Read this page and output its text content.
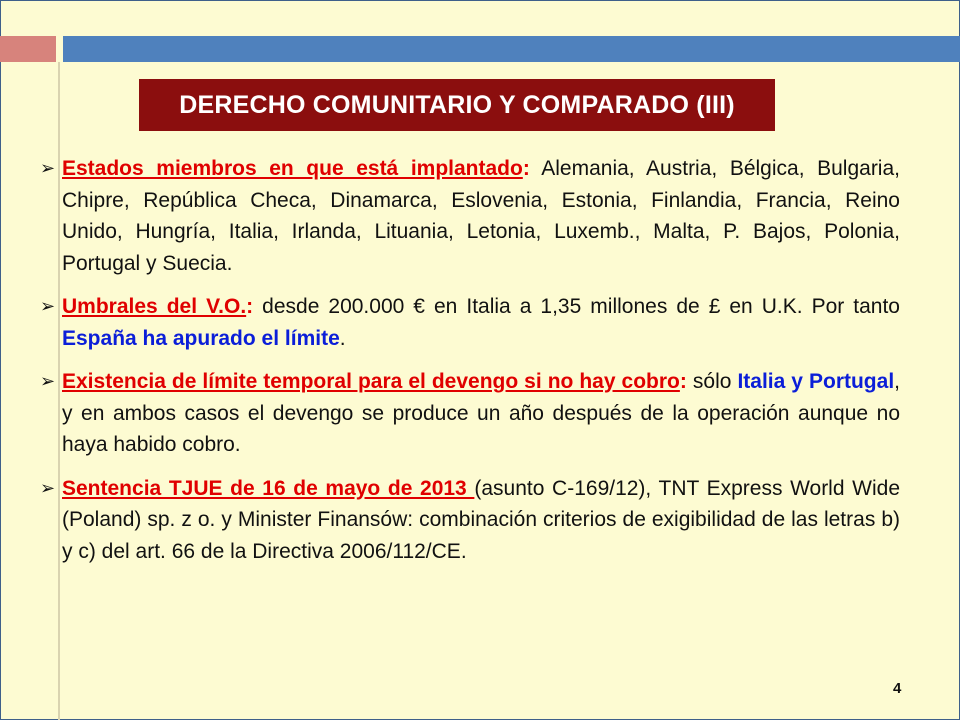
DERECHO COMUNITARIO Y COMPARADO (III)
➢ Estados miembros en que está implantado: Alemania, Austria, Bélgica, Bulgaria, Chipre, República Checa, Dinamarca, Eslovenia, Estonia, Finlandia, Francia, Reino Unido, Hungría, Italia, Irlanda, Lituania, Letonia, Luxemb., Malta, P. Bajos, Polonia, Portugal y Suecia.
➢ Umbrales del V.O.: desde 200.000 € en Italia a 1,35 millones de £ en U.K. Por tanto España ha apurado el límite.
➢ Existencia de límite temporal para el devengo si no hay cobro: sólo Italia y Portugal, y en ambos casos el devengo se produce un año después de la operación aunque no haya habido cobro.
➢ Sentencia TJUE de 16 de mayo de 2013 (asunto C-169/12), TNT Express World Wide (Poland) sp. z o. y Minister Finansów: combinación criterios de exigibilidad de las letras b) y c) del art. 66 de la Directiva 2006/112/CE.
4
